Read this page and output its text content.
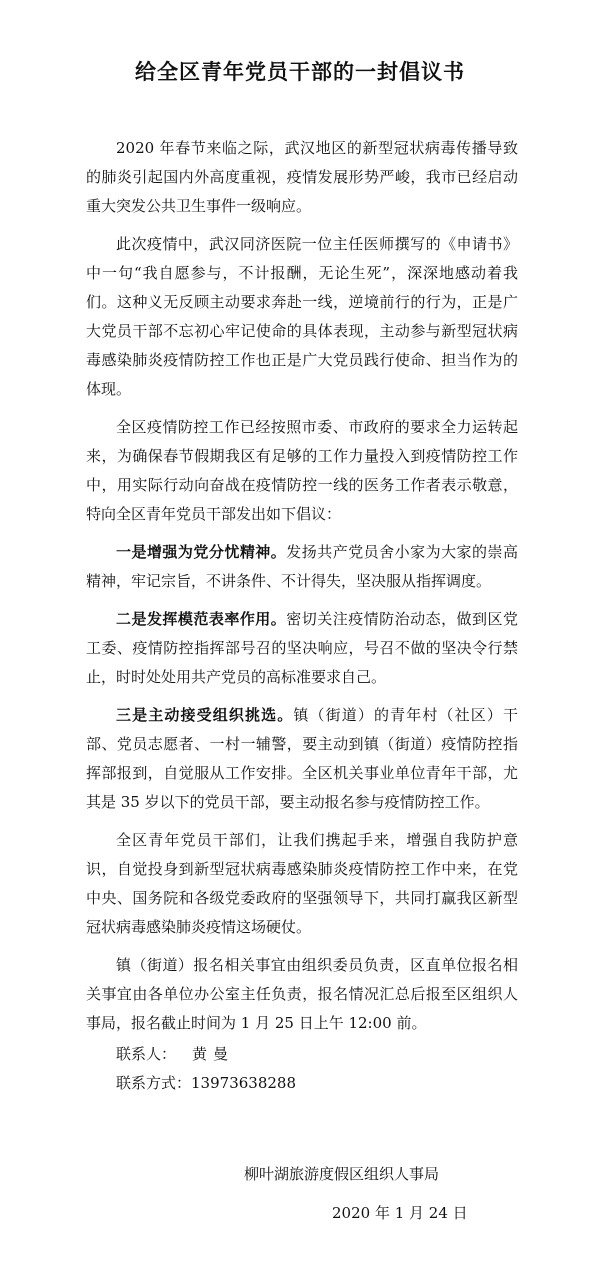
给全区青年党员干部的一封倡议书

2020 年春节来临之际，武汉地区的新型冠状病毒传播导致的肺炎引起国内外高度重视，疫情发展形势严峻，我市已经启动重大突发公共卫生事件一级响应。

此次疫情中，武汉同济医院一位主任医师撰写的《申请书》中一句“我自愿参与，不计报酬，无论生死”，深深地感动着我们。这种义无反顾主动要求奔赴一线，逆境前行的行为，正是广大党员干部不忘初心牢记使命的具体表现，主动参与新型冠状病毒感染肺炎疫情防控工作也正是广大党员践行使命、担当作为的体现。

全区疫情防控工作已经按照市委、市政府的要求全力运转起来，为确保春节假期我区有足够的工作力量投入到疫情防控工作中，用实际行动向奋战在疫情防控一线的医务工作者表示敬意，特向全区青年党员干部发出如下倡议：

一是增强为党分忧精神。发扬共产党员舍小家为大家的崇高精神，牢记宗旨，不讲条件、不计得失，坚决服从指挥调度。

二是发挥模范表率作用。密切关注疫情防治动态，做到区党工委、疫情防控指挥部号召的坚决响应，号召不做的坚决令行禁止，时时处处用共产党员的高标准要求自己。

三是主动接受组织挑选。镇（街道）的青年村（社区）干部、党员志愿者、一村一辅警，要主动到镇（街道）疫情防控指挥部报到，自觉服从工作安排。全区机关事业单位青年干部，尤其是 35 岁以下的党员干部，要主动报名参与疫情防控工作。

全区青年党员干部们，让我们携起手来，增强自我防护意识，自觉投身到新型冠状病毒感染肺炎疫情防控工作中来，在党中央、国务院和各级党委政府的坚强领导下，共同打赢我区新型冠状病毒感染肺炎疫情这场硬仗。

镇（街道）报名相关事宜由组织委员负责，区直单位报名相关事宜由各单位办公室主任负责，报名情况汇总后报至区组织人事局，报名截止时间为 1 月 25 日上午 12:00 前。

联系人： 黄曼

联系方式：13973638288

柳叶湖旅游度假区组织人事局

2020 年 1 月 24 日
